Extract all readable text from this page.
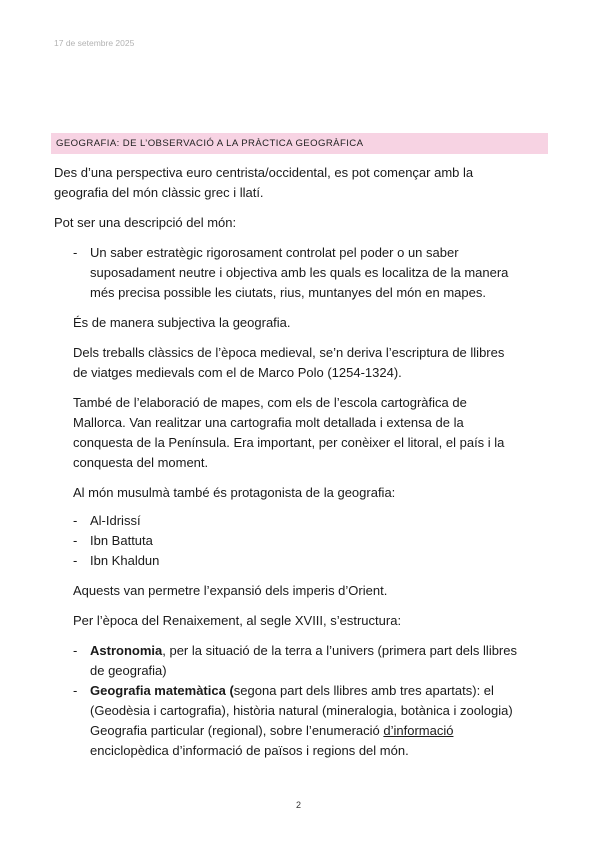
17 de setembre 2025
GEOGRAFIA: DE L’OBSERVACIÓ A LA PRÀCTICA GEOGRÀFICA
Des d’una perspectiva euro centrista/occidental, es pot començar amb la
geografia del món clàssic grec i llatí.
Pot ser una descripció del món:
- Un saber estratègic rigorosament controlat pel poder o un saber
suposadament neutre i objectiva amb les quals es localitza de la manera
més precisa possible les ciutats, rius, muntanyes del món en mapes.
És de manera subjectiva la geografia.
Dels treballs clàssics de l’època medieval, se’n deriva l’escriptura de llibres
de viatges medievals com el de Marco Polo (1254-1324).
També de l’elaboració de mapes, com els de l’escola cartogràfica de
Mallorca. Van realitzar una cartografia molt detallada i extensa de la
conquesta de la Península. Era important, per conèixer el litoral, el país i la
conquesta del moment.
Al món musulmà també és protagonista de la geografia:
- Al-Idrissí
- Ibn Battuta
- Ibn Khaldun
Aquests van permetre l’expansió dels imperis d’Orient.
Per l’època del Renaixement, al segle XVIII, s’estructura:
- Astronomia, per la situació de la terra a l’univers (primera part dels llibres
de geografia)
- Geografia matemàtica (segona part dels llibres amb tres apartats): el
(Geodèsia i cartografia), història natural (mineralogia, botànica i zoologia)
Geografia particular (regional), sobre l’enumeració d’informació
enciclopèdica d’informació de països i regions del món.
2
